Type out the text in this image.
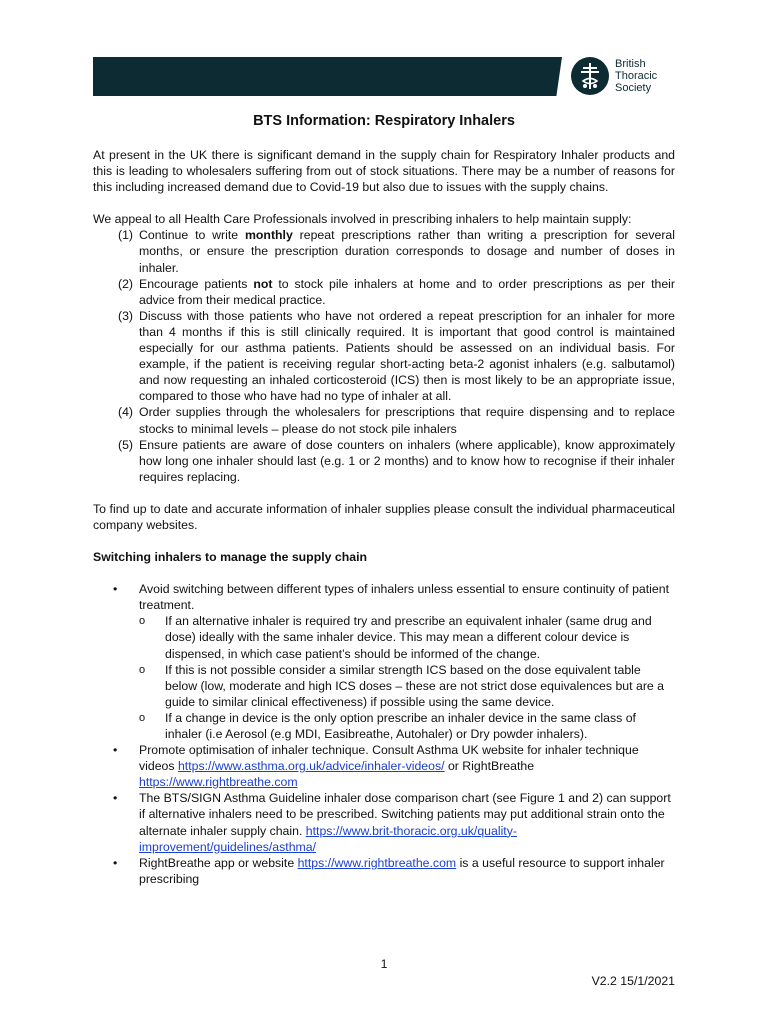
British
Thoracic
Society
BTS Information: Respiratory Inhalers

At present in the UK there is significant demand in the supply chain for Respiratory Inhaler products and this is leading to wholesalers suffering from out of stock situations. There may be a number of reasons for this including increased demand due to Covid-19 but also due to issues with the supply chains.

We appeal to all Health Care Professionals involved in prescribing inhalers to help maintain supply:

(1) Continue to write monthly repeat prescriptions rather than writing a prescription for several months, or ensure the prescription duration corresponds to dosage and number of doses in inhaler.
(2) Encourage patients not to stock pile inhalers at home and to order prescriptions as per their advice from their medical practice.
(3) Discuss with those patients who have not ordered a repeat prescription for an inhaler for more than 4 months if this is still clinically required. It is important that good control is maintained especially for our asthma patients. Patients should be assessed on an individual basis. For example, if the patient is receiving regular short-acting beta-2 agonist inhalers (e.g. salbutamol) and now requesting an inhaled corticosteroid (ICS) then is most likely to be an appropriate issue, compared to those who have had no type of inhaler at all.
(4) Order supplies through the wholesalers for prescriptions that require dispensing and to replace stocks to minimal levels – please do not stock pile inhalers
(5) Ensure patients are aware of dose counters on inhalers (where applicable), know approximately how long one inhaler should last (e.g. 1 or 2 months) and to know how to recognise if their inhaler requires replacing.

To find up to date and accurate information of inhaler supplies please consult the individual pharmaceutical company websites.

Switching inhalers to manage the supply chain

•	Avoid switching between different types of inhalers unless essential to ensure continuity of patient treatment.
o	If an alternative inhaler is required try and prescribe an equivalent inhaler (same drug and dose) ideally with the same inhaler device. This may mean a different colour device is dispensed, in which case patient’s should be informed of the change.
o	If this is not possible consider a similar strength ICS based on the dose equivalent table below (low, moderate and high ICS doses – these are not strict dose equivalences but are a guide to similar clinical effectiveness) if possible using the same device.
o	If a change in device is the only option prescribe an inhaler device in the same class of inhaler (i.e Aerosol (e.g MDI, Easibreathe, Autohaler) or Dry powder inhalers).
•	Promote optimisation of inhaler technique. Consult Asthma UK website for inhaler technique videos https://www.asthma.org.uk/advice/inhaler-videos/ or RightBreathe https://www.rightbreathe.com
•	The BTS/SIGN Asthma Guideline inhaler dose comparison chart (see Figure 1 and 2) can support if alternative inhalers need to be prescribed. Switching patients may put additional strain onto the alternate inhaler supply chain. https://www.brit-thoracic.org.uk/quality-improvement/guidelines/asthma/
•	RightBreathe app or website https://www.rightbreathe.com is a useful resource to support inhaler prescribing
1
V2.2 15/1/2021
